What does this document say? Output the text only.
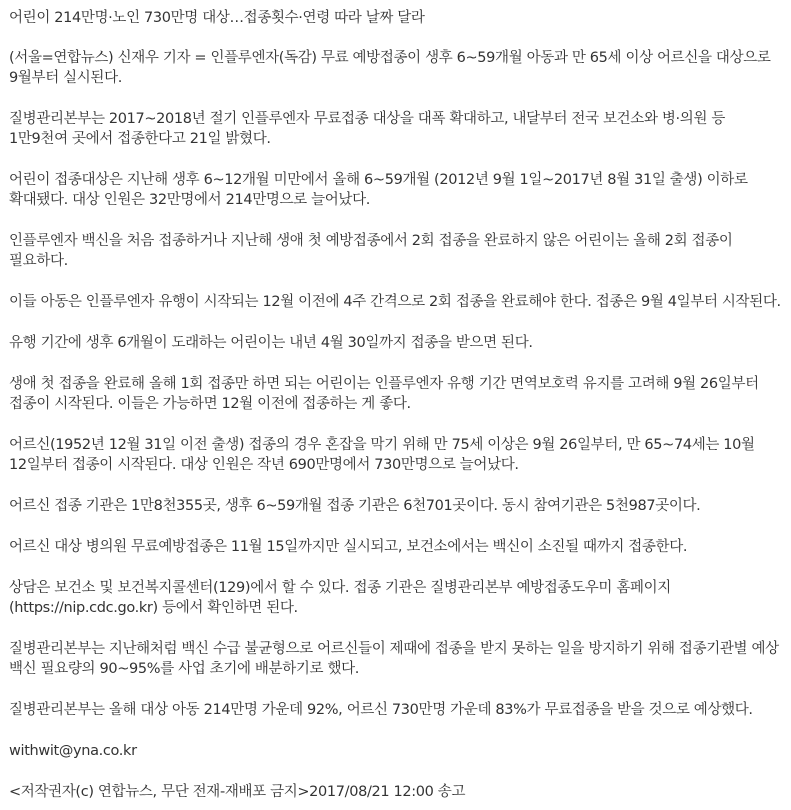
어린이 214만명·노인 730만명 대상…접종횟수·연령 따라 날짜 달라

(서울=연합뉴스) 신재우 기자 = 인플루엔자(독감) 무료 예방접종이 생후 6~59개월 아동과 만 65세 이상 어르신을 대상으로 9월부터 실시된다.

질병관리본부는 2017~2018년 절기 인플루엔자 무료접종 대상을 대폭 확대하고, 내달부터 전국 보건소와 병·의원 등 1만9천여 곳에서 접종한다고 21일 밝혔다.

어린이 접종대상은 지난해 생후 6~12개월 미만에서 올해 6~59개월 (2012년 9월 1일~2017년 8월 31일 출생) 이하로 확대됐다. 대상 인원은 32만명에서 214만명으로 늘어났다.

인플루엔자 백신을 처음 접종하거나 지난해 생애 첫 예방접종에서 2회 접종을 완료하지 않은 어린이는 올해 2회 접종이 필요하다.

이들 아동은 인플루엔자 유행이 시작되는 12월 이전에 4주 간격으로 2회 접종을 완료해야 한다. 접종은 9월 4일부터 시작된다.

유행 기간에 생후 6개월이 도래하는 어린이는 내년 4월 30일까지 접종을 받으면 된다.

생애 첫 접종을 완료해 올해 1회 접종만 하면 되는 어린이는 인플루엔자 유행 기간 면역보호력 유지를 고려해 9월 26일부터 접종이 시작된다. 이들은 가능하면 12월 이전에 접종하는 게 좋다.

어르신(1952년 12월 31일 이전 출생) 접종의 경우 혼잡을 막기 위해 만 75세 이상은 9월 26일부터, 만 65~74세는 10월 12일부터 접종이 시작된다. 대상 인원은 작년 690만명에서 730만명으로 늘어났다.

어르신 접종 기관은 1만8천355곳, 생후 6~59개월 접종 기관은 6천701곳이다. 동시 참여기관은 5천987곳이다.

어르신 대상 병의원 무료예방접종은 11월 15일까지만 실시되고, 보건소에서는 백신이 소진될 때까지 접종한다.

상담은 보건소 및 보건복지콜센터(129)에서 할 수 있다. 접종 기관은 질병관리본부 예방접종도우미 홈페이지(https://nip.cdc.go.kr) 등에서 확인하면 된다.

질병관리본부는 지난해처럼 백신 수급 불균형으로 어르신들이 제때에 접종을 받지 못하는 일을 방지하기 위해 접종기관별 예상 백신 필요량의 90~95%를 사업 초기에 배분하기로 했다.

질병관리본부는 올해 대상 아동 214만명 가운데 92%, 어르신 730만명 가운데 83%가 무료접종을 받을 것으로 예상했다.

withwit@yna.co.kr

<저작권자(c) 연합뉴스, 무단 전재-재배포 금지>2017/08/21 12:00 송고
